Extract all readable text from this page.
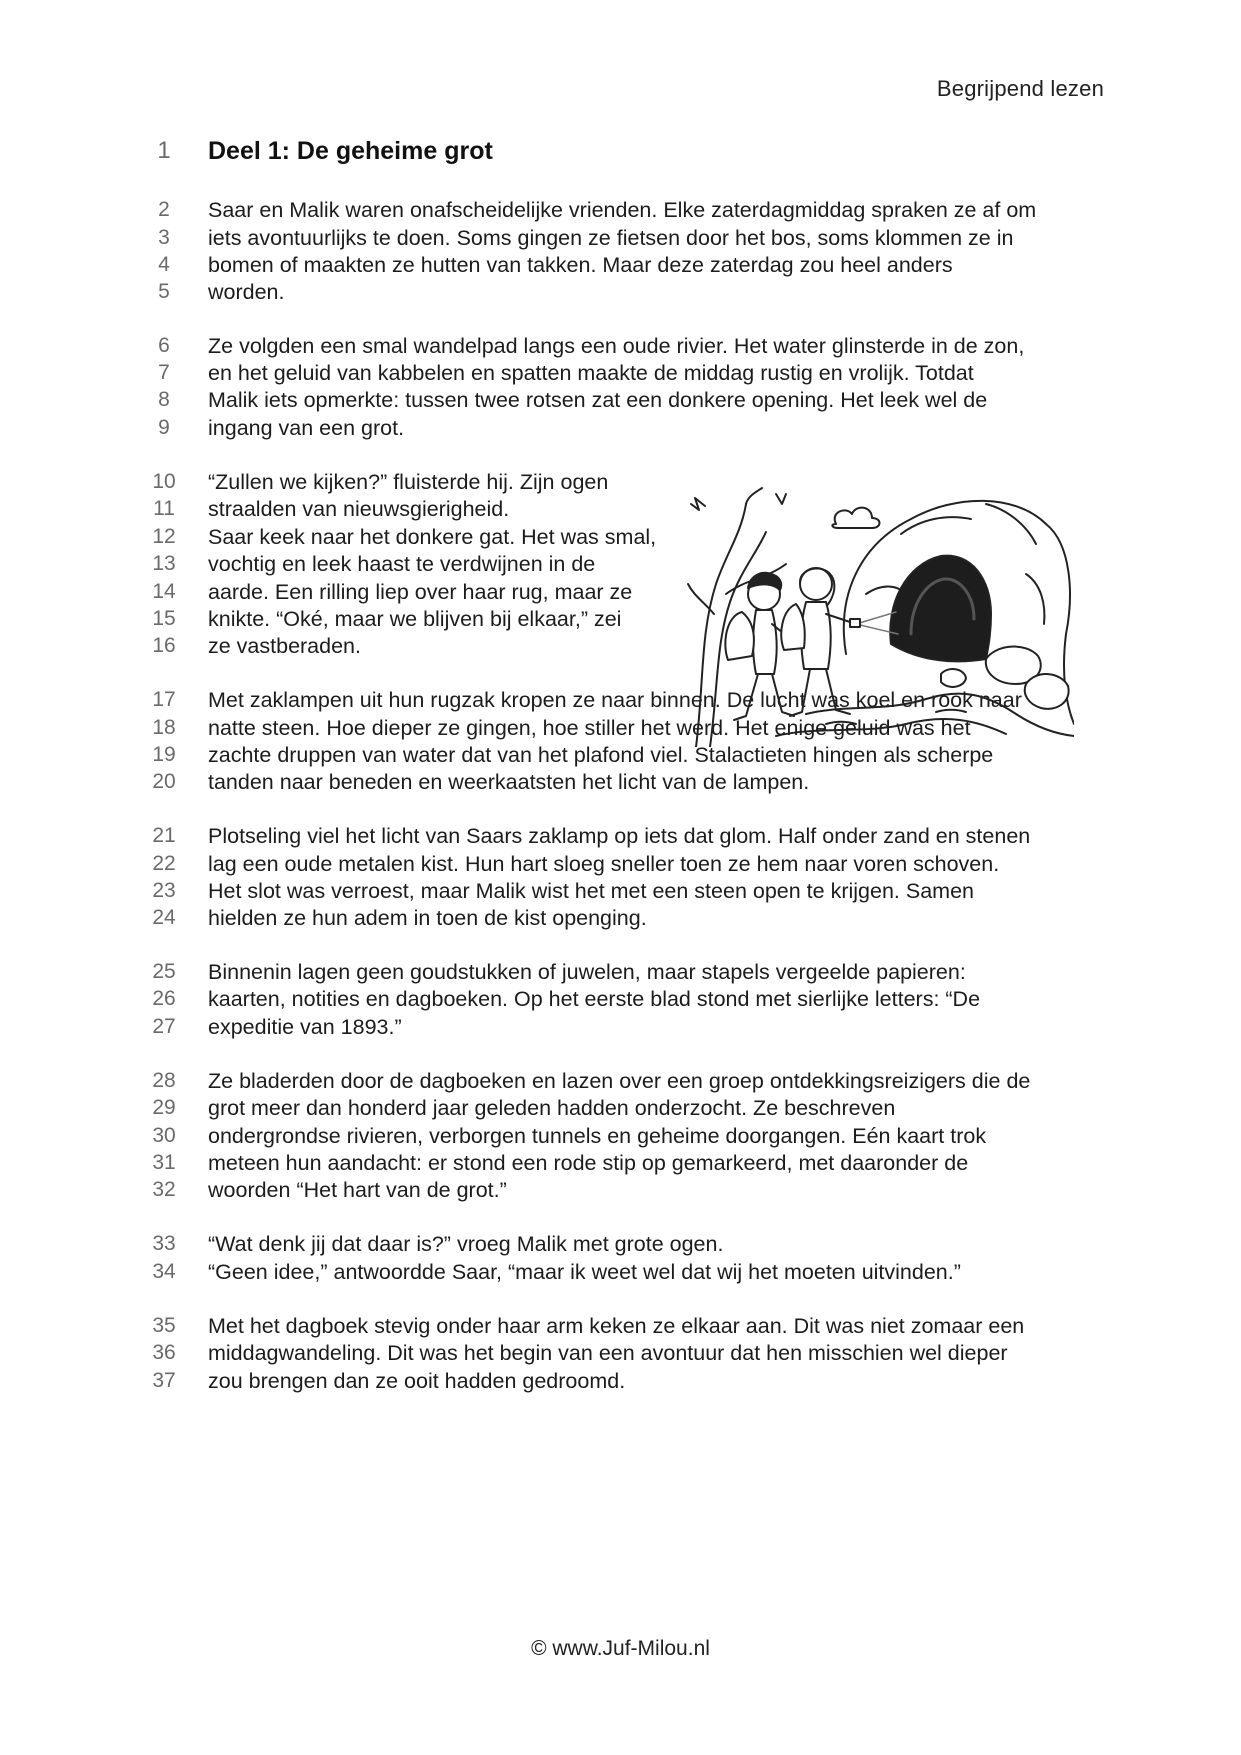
Begrijpend lezen
1	Deel 1: De geheime grot
2	Saar en Malik waren onafscheidelijke vrienden. Elke zaterdagmiddag spraken ze af om
3	iets avontuurlijks te doen. Soms gingen ze fietsen door het bos, soms klommen ze in
4	bomen of maakten ze hutten van takken. Maar deze zaterdag zou heel anders
5	worden.
6	Ze volgden een smal wandelpad langs een oude rivier. Het water glinsterde in de zon,
7	en het geluid van kabbelen en spatten maakte de middag rustig en vrolijk. Totdat
8	Malik iets opmerkte: tussen twee rotsen zat een donkere opening. Het leek wel de
9	ingang van een grot.
10	“Zullen we kijken?” fluisterde hij. Zijn ogen
11	straalden van nieuwsgierigheid.
12	Saar keek naar het donkere gat. Het was smal,
13	vochtig en leek haast te verdwijnen in de
14	aarde. Een rilling liep over haar rug, maar ze
15	knikte. “Oké, maar we blijven bij elkaar,” zei
16	ze vastberaden.
17	Met zaklampen uit hun rugzak kropen ze naar binnen. De lucht was koel en rook naar
18	natte steen. Hoe dieper ze gingen, hoe stiller het werd. Het enige geluid was het
19	zachte druppen van water dat van het plafond viel. Stalactieten hingen als scherpe
20	tanden naar beneden en weerkaatsten het licht van de lampen.
21	Plotseling viel het licht van Saars zaklamp op iets dat glom. Half onder zand en stenen
22	lag een oude metalen kist. Hun hart sloeg sneller toen ze hem naar voren schoven.
23	Het slot was verroest, maar Malik wist het met een steen open te krijgen. Samen
24	hielden ze hun adem in toen de kist openging.
25	Binnenin lagen geen goudstukken of juwelen, maar stapels vergeelde papieren:
26	kaarten, notities en dagboeken. Op het eerste blad stond met sierlijke letters: “De
27	expeditie van 1893.”
28	Ze bladerden door de dagboeken en lazen over een groep ontdekkingsreizigers die de
29	grot meer dan honderd jaar geleden hadden onderzocht. Ze beschreven
30	ondergrondse rivieren, verborgen tunnels en geheime doorgangen. Eén kaart trok
31	meteen hun aandacht: er stond een rode stip op gemarkeerd, met daaronder de
32	woorden “Het hart van de grot.”
33	“Wat denk jij dat daar is?” vroeg Malik met grote ogen.
34	“Geen idee,” antwoordde Saar, “maar ik weet wel dat wij het moeten uitvinden.”
35	Met het dagboek stevig onder haar arm keken ze elkaar aan. Dit was niet zomaar een
36	middagwandeling. Dit was het begin van een avontuur dat hen misschien wel dieper
37	zou brengen dan ze ooit hadden gedroomd.
© www.Juf-Milou.nl
